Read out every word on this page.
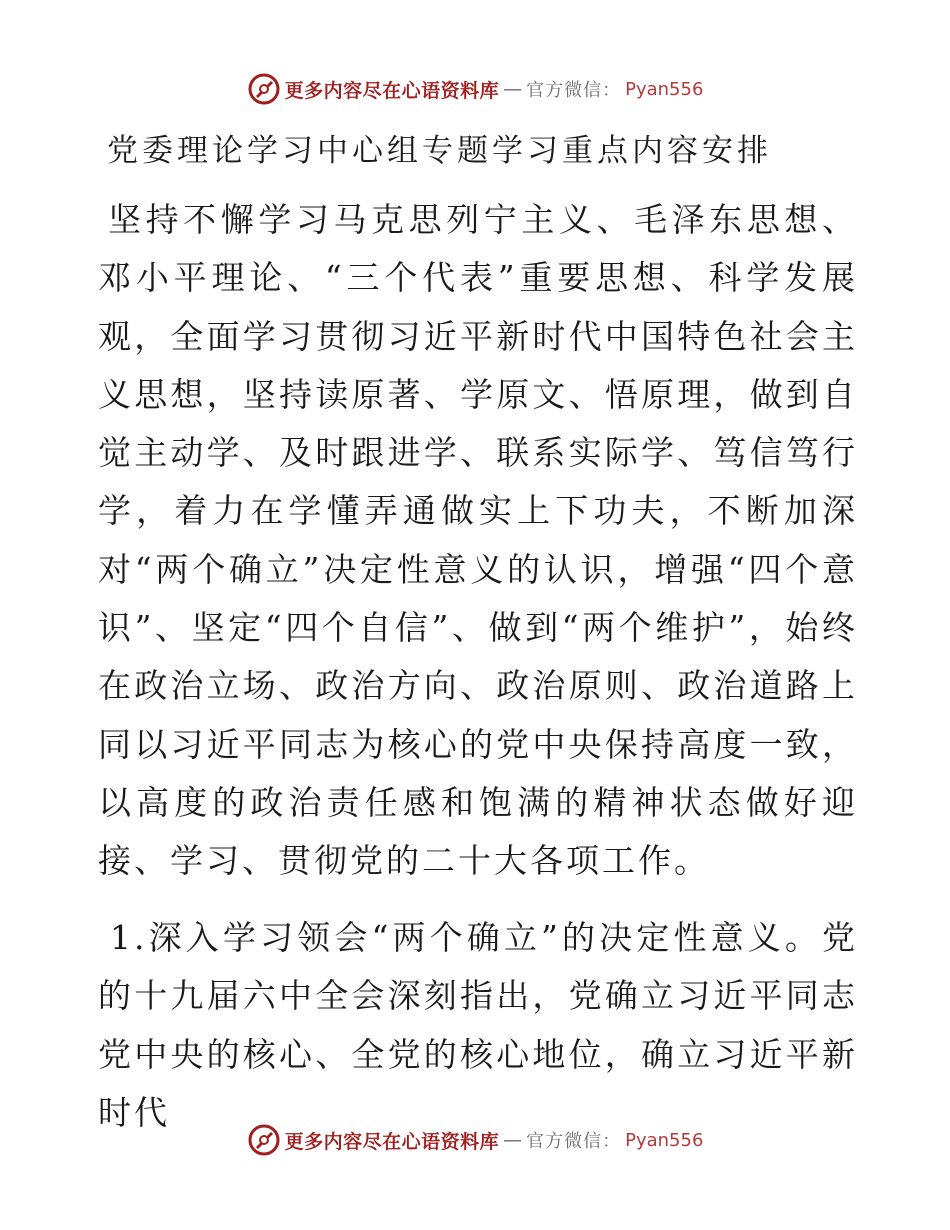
更多内容尽在心语资料库 — 官方微信： Pyan556
党委理论学习中心组专题学习重点内容安排

坚持不懈学习马克思列宁主义、毛泽东思想、邓小平理论、“三个代表”重要思想、科学发展观，全面学习贯彻习近平新时代中国特色社会主义思想，坚持读原著、学原文、悟原理，做到自觉主动学、及时跟进学、联系实际学、笃信笃行学，着力在学懂弄通做实上下功夫，不断加深对“两个确立”决定性意义的认识，增强“四个意识”、坚定“四个自信”、做到“两个维护”，始终在政治立场、政治方向、政治原则、政治道路上同以习近平同志为核心的党中央保持高度一致，以高度的政治责任感和饱满的精神状态做好迎接、学习、贯彻党的二十大各项工作。

1.深入学习领会“两个确立”的决定性意义。党的十九届六中全会深刻指出，党确立习近平同志党中央的核心、全党的核心地位，确立习近平新时代

更多内容尽在心语资料库 — 官方微信： Pyan556
